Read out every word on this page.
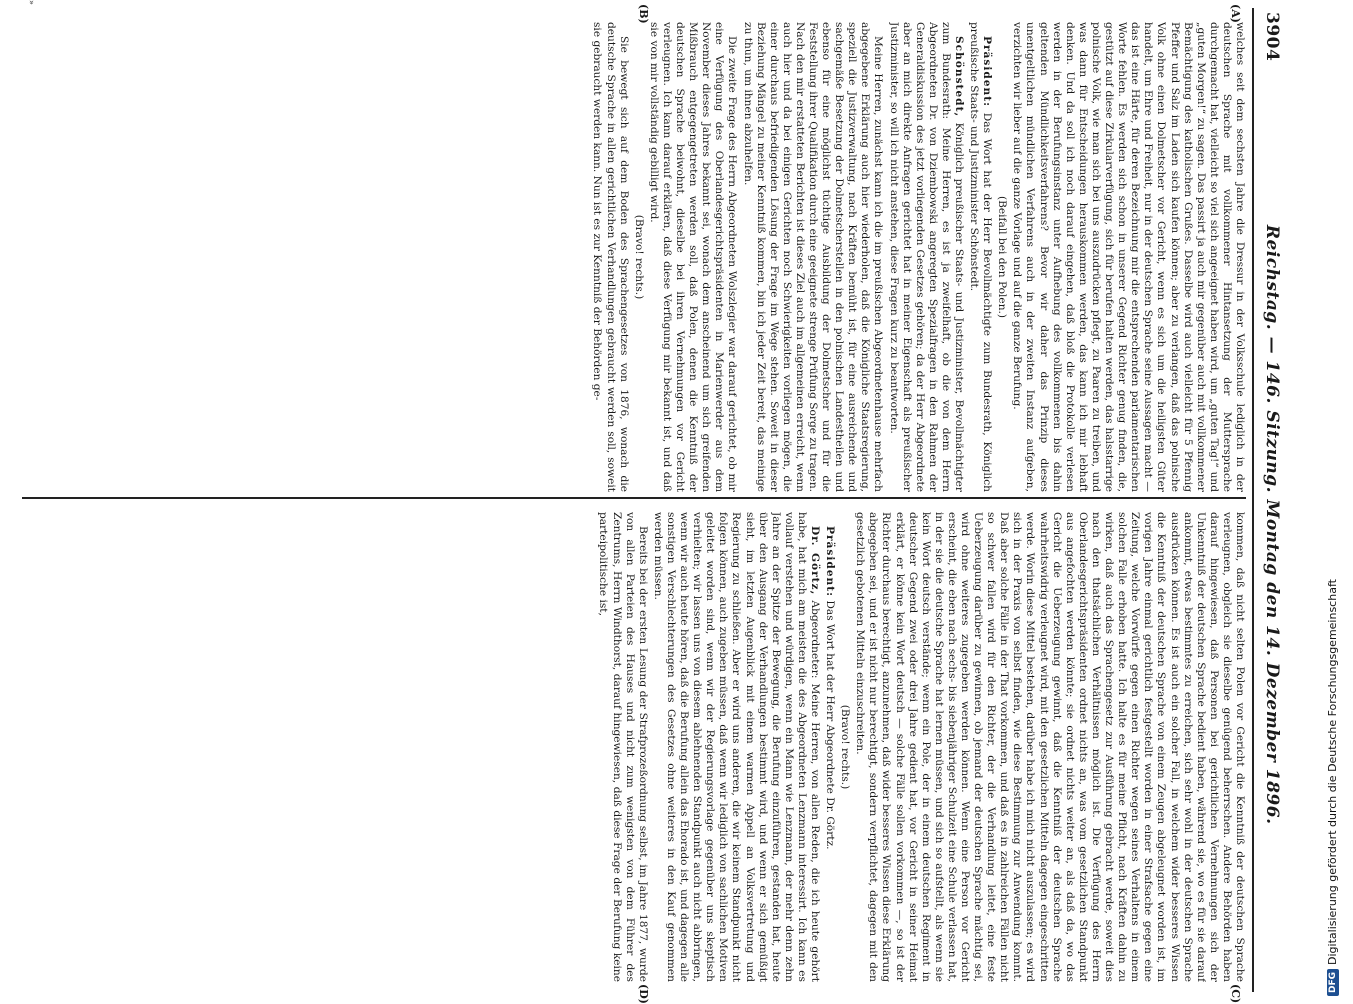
3904
Reichstag. — 146. Sitzung. Montag den 14. Dezember 1896.
(A)
(B)
(C)
(D)

welches seit dem sechsten Jahre die Dressur in der Volksschule lediglich in der deutschen Sprache mit vollkommener Hintansetzung der Muttersprache durchgemacht hat, vielleicht so viel sich angeeignet haben wird, um „guten Tag!“ und „guten Morgen!“ zu sagen. Das passirt ja auch mir gegenüber auch mit vollkommener Bemächtigung des katholischen Grußes. Dasselbe wird auch vielleicht für 5 Pfennig Pfeffer und Salz im Laden sich kaufen können; aber zu verlangen, daß das polnische Volk ohne einen Dolmetscher vor Gericht, wenn es sich um die heiligsten Güter handelt, um Ehre und Freiheit, nur in der deutschen Sprache seine Aussagen macht — das ist eine Härte, für deren Bezeichnung mir die entsprechenden parlamentarischen Worte fehlen. Es werden sich schon in unserer Gegend Richter genug finden, die, gestützt auf diese Zirkularverfügung, sich für berufen halten werden, das halsstarrige polnische Volk, wie man sich bei uns auszudrücken pflegt, zu Paaren zu treiben, und was dann für Entscheidungen herauskommen werden, das kann ich mir lebhaft denken. Und da soll ich noch darauf eingehen, daß bloß die Protokolle verlesen werden in der Berufungsinstanz unter Aufhebung des vollkommenen bis dahin geltenden Mündlichkeitsverfahrens? Bevor wir daher das Prinzip dieses unentgeltlichen mündlichen Verfahrens auch in der zweiten Instanz aufgeben, verzichten wir lieber auf die ganze Vorlage und auf die ganze Berufung.

(Beifall bei den Polen.)

Präsident: Das Wort hat der Herr Bevollmächtigte zum Bundesrath, Königlich preußische Staats- und Justizminister Schönstedt.

Schönstedt, Königlich preußischer Staats- und Justizminister, Bevollmächtigter zum Bundesrath: Meine Herren, es ist ja zweifelhaft, ob die von dem Herrn Abgeordneten Dr. von Dziembowski angeregten Spezialfragen in den Rahmen der Generaldiskussion des jetzt vorliegenden Gesetzes gehören; da der Herr Abgeordnete aber an mich direkte Anfragen gerichtet hat in meiner Eigenschaft als preußischer Justizminister, so will ich nicht anstehen, diese Fragen kurz zu beantworten.

Meine Herren, zunächst kann ich die im preußischen Abgeordnetenhause mehrfach abgegebene Erklärung auch hier wiederholen, daß die Königliche Staatsregierung, speziell die Justizverwaltung, nach Kräften bemüht ist, für eine ausreichende und sachgemäße Besetzung der Dolmetscherstellen in den polnischen Landestheilen und ebenso für eine möglichst tüchtige Ausbildung der Dolmetscher und für die Feststellung ihrer Qualifikation durch eine geeignete strenge Prüfung Sorge zu tragen. Nach den mir erstatteten Berichten ist dieses Ziel auch im allgemeinen erreicht, wenn auch hier und da bei einigen Gerichten noch Schwierigkeiten vorliegen mögen, die einer durchaus befriedigenden Lösung der Frage im Wege stehen. Soweit in dieser Beziehung Mängel zu meiner Kenntniß kommen, bin ich jeder Zeit bereit, das meinige zu thun, um ihnen abzuhelfen.

Die zweite Frage des Herrn Abgeordneten Wolszlegier war darauf gerichtet, ob mir eine Verfügung des Oberlandesgerichtspräsidenten in Marienwerder aus dem November dieses Jahres bekannt sei, wonach dem anscheinend um sich greifenden Mißbrauch entgegengetreten werden soll, daß Polen, denen die Kenntniß der deutschen Sprache beiwohnt, dieselbe bei ihren Vernehmungen vor Gericht verleugnen. Ich kann darauf erklären, daß diese Verfügung mir bekannt ist, und daß sie von mir vollständig gebilligt wird.

(Bravo! rechts.)

Sie bewegt sich auf dem Boden des Sprachengesetzes von 1876, wonach die deutsche Sprache in allen gerichtlichen Verhandlungen gebraucht werden soll, soweit sie gebraucht werden kann. Nun ist es zur Kenntniß der Behörden ge-

kommen, daß nicht selten Polen vor Gericht die Kenntniß der deutschen Sprache verleugnen, obgleich sie dieselbe genügend beherrschen. Andere Behörden haben darauf hingewiesen, daß Personen bei gerichtlichen Vernehmungen sich der Unkenntniß der deutschen Sprache bedient haben, während sie, wo es für sie darauf ankommt, etwas bestimmtes zu erreichen, sich sehr wohl in der deutschen Sprache ausdrücken können. Es ist auch ein solcher Fall, in welchem wider besseres Wissen die Kenntniß der deutschen Sprache von einem Zeugen abgeleugnet worden ist, im vorigen Jahre einmal gerichtlich festgestellt worden in einer Strafsache gegen eine Zeitung, welche Vorwürfe gegen einen Richter wegen seines Verhaltens in einem solchen Falle erhoben hatte. Ich halte es für meine Pflicht, nach Kräften dahin zu wirken, daß auch das Sprachengesetz zur Ausführung gebracht werde, soweit dies nach den thatsächlichen Verhältnissen möglich ist. Die Verfügung des Herrn Oberlandesgerichtspräsidenten ordnet nichts an, was vom gesetzlichen Standpunkt aus angefochten werden könnte; sie ordnet nichts weiter an, als daß da, wo das Gericht die Ueberzeugung gewinnt, daß die Kenntniß der deutschen Sprache wahrheitswidrig verleugnet wird, mit den gesetzlichen Mitteln dagegen eingeschritten werde. Worin diese Mittel bestehen, darüber habe ich mich nicht auszulassen; es wird sich in der Praxis von selbst finden, wie diese Bestimmung zur Anwendung kommt. Daß aber solche Fälle in der That vorkommen, und daß es in zahlreichen Fällen nicht so schwer fallen wird für den Richter, der die Verhandlung leitet, eine feste Ueberzeugung darüber zu gewinnen, ob jemand der deutschen Sprache mächtig sei, wird ohne weiteres zugegeben werden können. Wenn eine Person vor Gericht erscheint, die eben nach sechs- bis siebenjähriger Schulzeit eine Schule verlassen hat, in der sie die deutsche Sprache hat lernen müssen, und sich so aufstellt, als wenn sie kein Wort deutsch verstände; wenn ein Pole, der in einem deutschen Regiment in deutscher Gegend zwei oder drei Jahre gedient hat, vor Gericht in seiner Heimat erklärt, er könne kein Wort deutsch — solche Fälle sollen vorkommen —, so ist der Richter durchaus berechtigt, anzunehmen, daß wider besseres Wissen diese Erklärung abgegeben sei, und er ist nicht nur berechtigt, sondern verpflichtet, dagegen mit den gesetzlich gebotenen Mitteln einzuschreiten.

(Bravo! rechts.)

Präsident: Das Wort hat der Herr Abgeordnete Dr. Görtz.

Dr. Görtz, Abgeordneter: Meine Herren, von allen Reden, die ich heute gehört habe, hat mich am meisten die des Abgeordneten Lenzmann interessirt. Ich kann es vollauf verstehen und würdigen, wenn ein Mann wie Lenzmann, der mehr denn zehn Jahre an der Spitze der Bewegung, die Berufung einzuführen, gestanden hat, heute über den Ausgang der Verhandlungen bestimmt wird, und wenn er sich gemüßigt sieht, im letzten Augenblick mit einem warmen Appell an Volksvertretung und Regierung zu schließen. Aber er wird uns anderen, die wir keinem Standpunkt nicht folgen können, auch zugeben müssen, daß wenn wir lediglich von sachlichen Motiven geleitet worden sind, wenn wir der Regierungsvorlage gegenüber uns skeptisch verhielten; wir lassen uns von diesem ablehnenden Standpunkt auch nicht abbringen, wenn wir auch heute hören, daß die Berufung allein das Ehorado ist, und dagegen alle sonstigen Verschlechterungen des Gesetzes ohne weiteres in den Kauf genommen werden müssen.

Bereits bei der ersten Lesung der Strafprozeßordnung selbst, im Jahre 1877, wurde von allen Parteien des Hauses und nicht zum wenigsten von dem Führer des Zentrums, Herrn Windthorst, darauf hingewiesen, daß diese Frage der Berufung keine parteipolitische ist,

»
DFG
Digitalisierung gefördert durch die Deutsche Forschungsgemeinschaft
